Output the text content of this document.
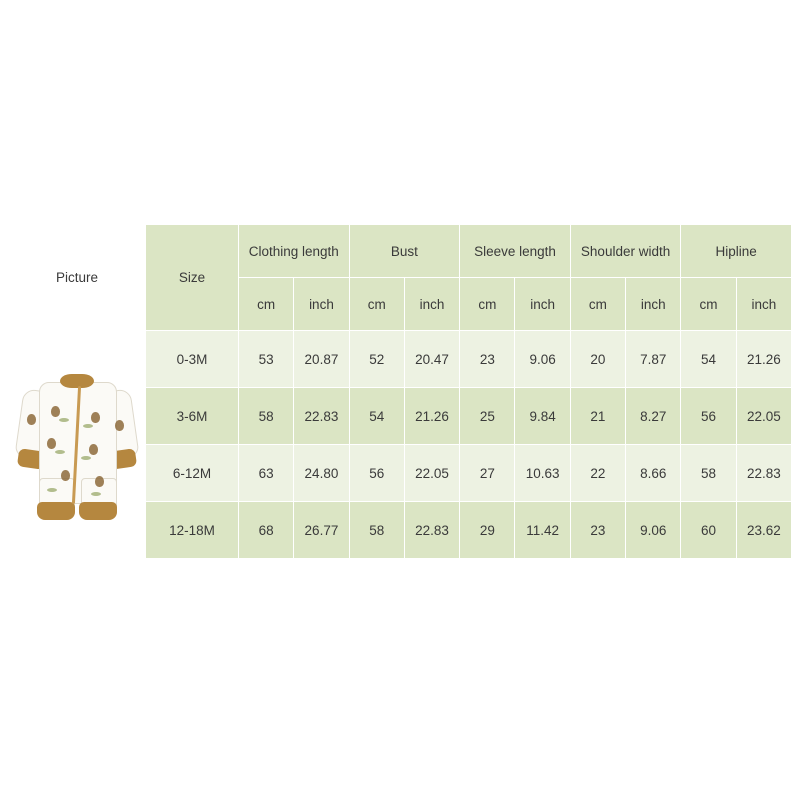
Picture	Size	Clothing length		Bust		Sleeve length		Shoulder width		Hipline	
		cm	inch	cm	inch	cm	inch	cm	inch	cm	inch

	0-3M	53	20.87	52	20.47	23	9.06	20	7.87	54	21.26
	3-6M	58	22.83	54	21.26	25	9.84	21	8.27	56	22.05
	6-12M	63	24.80	56	22.05	27	10.63	22	8.66	58	22.83
	12-18M	68	26.77	58	22.83	29	11.42	23	9.06	60	23.62
